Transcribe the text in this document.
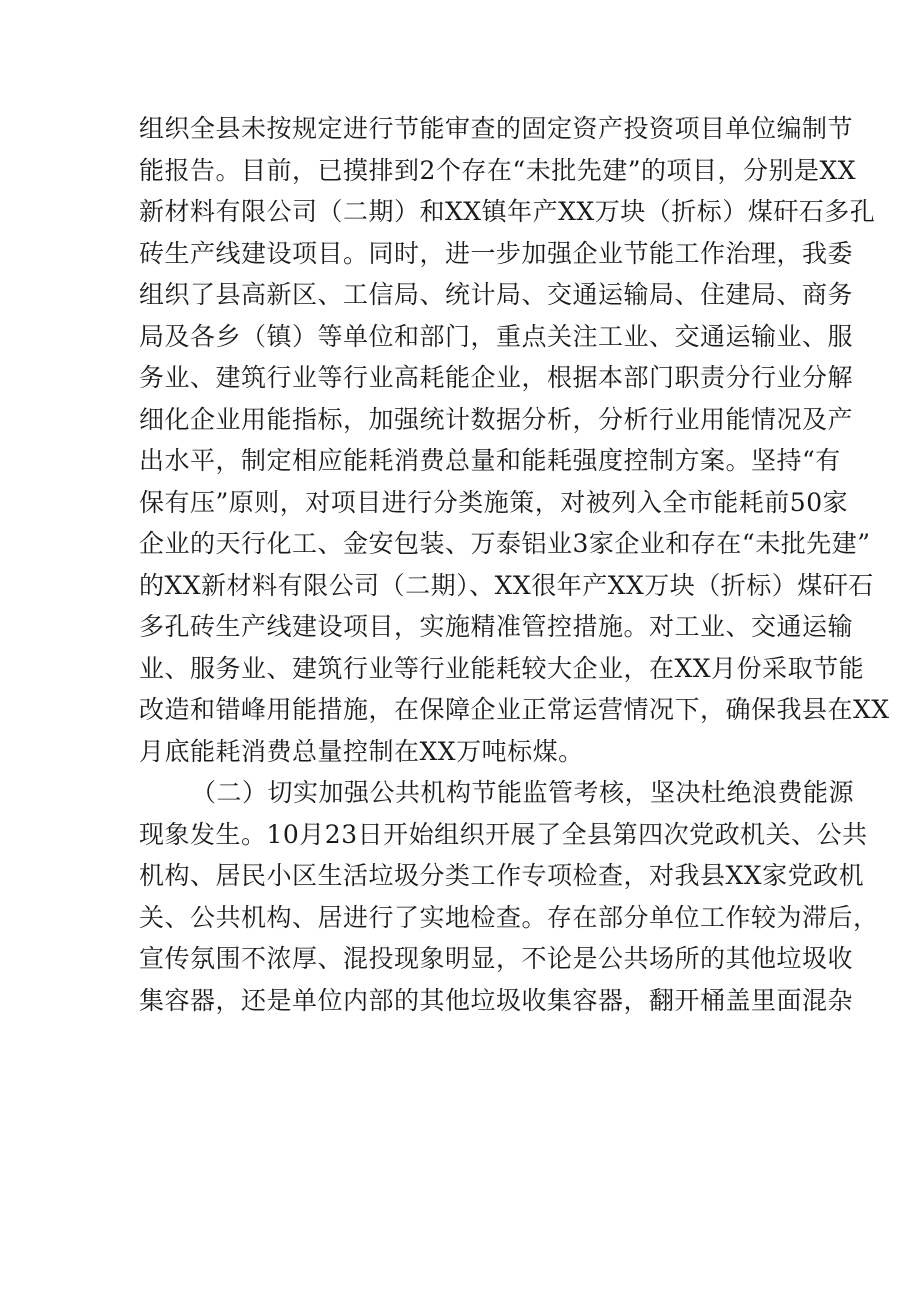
组织全县未按规定进行节能审查的固定资产投资项目单位编制节
能报告。目前，已摸排到2个存在“未批先建”的项目，分别是XX
新材料有限公司（二期）和XX镇年产XX万块（折标）煤矸石多孔
砖生产线建设项目。同时，进一步加强企业节能工作治理，我委
组织了县高新区、工信局、统计局、交通运输局、住建局、商务
局及各乡（镇）等单位和部门，重点关注工业、交通运输业、服
务业、建筑行业等行业高耗能企业，根据本部门职责分行业分解
细化企业用能指标，加强统计数据分析，分析行业用能情况及产
出水平，制定相应能耗消费总量和能耗强度控制方案。坚持“有
保有压”原则，对项目进行分类施策，对被列入全市能耗前50家
企业的天行化工、金安包装、万泰铝业3家企业和存在“未批先建”
的XX新材料有限公司（二期）、XX很年产XX万块（折标）煤矸石
多孔砖生产线建设项目，实施精准管控措施。对工业、交通运输
业、服务业、建筑行业等行业能耗较大企业，在XX月份采取节能
改造和错峰用能措施，在保障企业正常运营情况下，确保我县在XX
月底能耗消费总量控制在XX万吨标煤。
（二）切实加强公共机构节能监管考核，坚决杜绝浪费能源
现象发生。10月23日开始组织开展了全县第四次党政机关、公共
机构、居民小区生活垃圾分类工作专项检查，对我县XX家党政机
关、公共机构、居进行了实地检查。存在部分单位工作较为滞后，
宣传氛围不浓厚、混投现象明显，不论是公共场所的其他垃圾收
集容器，还是单位内部的其他垃圾收集容器，翻开桶盖里面混杂
